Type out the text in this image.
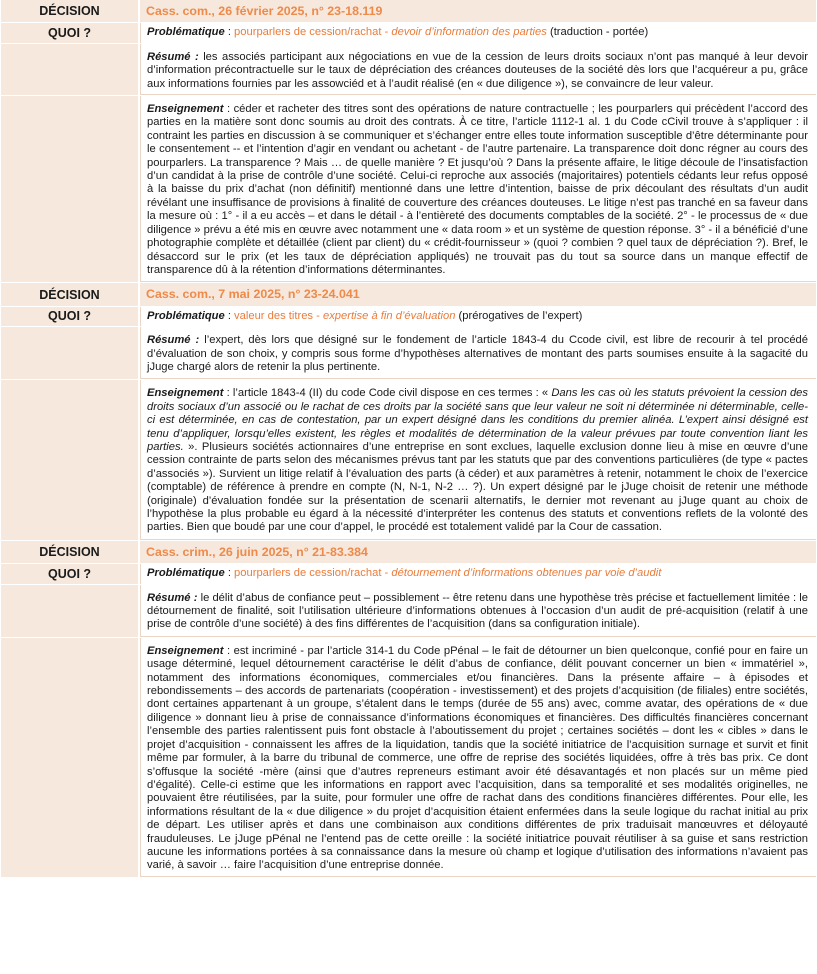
DÉCISION	Cass. com., 26 février 2025, n° 23-18.119
QUOI ?	Problématique : pourparlers de cession/rachat - devoir d’information des parties (traduction - portée)
Résumé : les associés participant aux négociations en vue de la cession de leurs droits sociaux n’ont pas manqué à leur devoir d’information précontractuelle sur le taux de dépréciation des créances douteuses de la société dès lors que l’acquéreur a pu, grâce aux informations fournies par les assowciéd et à l’audit réalisé (en « due diligence »), se convaincre de leur valeur.
Enseignement : céder et racheter des titres sont des opérations de nature contractuelle ; les pourparlers qui précèdent l’accord des parties en la matière sont donc soumis au droit des contrats. À ce titre, l’article 1112-1 al. 1 du Code cCivil trouve à s’appliquer : il contraint les parties en discussion à se communiquer et s’échanger entre elles toute information susceptible d’être déterminante pour le consentement -- et l’intention d’agir en vendant ou achetant - de l’autre partenaire. La transparence doit donc régner au cours des pourparlers. La transparence ? Mais … de quelle manière ? Et jusqu’où ? Dans la présente affaire, le litige découle de l’insatisfaction d’un candidat à la prise de contrôle d’une société. Celui-ci reproche aux associés (majoritaires) potentiels cédants leur refus opposé à la baisse du prix d’achat (non définitif) mentionné dans une lettre d’intention, baisse de prix découlant des résultats d’un audit révélant une insuffisance de provisions à finalité de couverture des créances douteuses. Le litige n’est pas tranché en sa faveur dans la mesure où : 1° - il a eu accès – et dans le détail - à l’entièreté des documents comptables de la société. 2° - le processus de « due diligence » prévu a été mis en œuvre avec notamment une « data room » et un système de question réponse. 3° - il a bénéficié d’une photographie complète et détaillée (client par client) du « crédit-fournisseur » (quoi ? combien ? quel taux de dépréciation ?). Bref, le désaccord sur le prix (et les taux de dépréciation appliqués) ne trouvait pas du tout sa source dans un manque effectif de transparence dû à la rétention d’informations déterminantes.
DÉCISION	Cass. com., 7 mai 2025, n° 23-24.041
QUOI ?	Problématique : valeur des titres - expertise à fin d’évaluation (prérogatives de l’expert)
Résumé : l’expert, dès lors que désigné sur le fondement de l’article 1843-4 du Ccode civil, est libre de recourir à tel procédé d’évaluation de son choix, y compris sous forme d’hypothèses alternatives de montant des parts soumises ensuite à la sagacité du jJuge chargé alors de retenir la plus pertinente.
Enseignement : l’article 1843-4 (II) du code Code civil dispose en ces termes : « Dans les cas où les statuts prévoient la cession des droits sociaux d’un associé ou le rachat de ces droits par la société sans que leur valeur ne soit ni déterminée ni déterminable, celle-ci est déterminée, en cas de contestation, par un expert désigné dans les conditions du premier alinéa. L’expert ainsi désigné est tenu d’appliquer, lorsqu’elles existent, les règles et modalités de détermination de la valeur prévues par toute convention liant les parties. ». Plusieurs sociétés actionnaires d’une entreprise en sont exclues, laquelle exclusion donne lieu à mise en œuvre d’une cession contrainte de parts selon des mécanismes prévus tant par les statuts que par des conventions particulières (de type « pactes d’associés »). Survient un litige relatif à l’évaluation des parts (à céder) et aux paramètres à retenir, notamment le choix de l’exercice (comptable) de référence à prendre en compte (N, N-1, N-2 … ?). Un expert désigné par le jJuge choisit de retenir une méthode (originale) d’évaluation fondée sur la présentation de scenarii alternatifs, le dernier mot revenant au jJuge quant au choix de l’hypothèse la plus probable eu égard à la nécessité d’interpréter les contenus des statuts et conventions reflets de la volonté des parties. Bien que boudé par une cour d’appel, le procédé est totalement validé par la Cour de cassation.
DÉCISION	Cass. crim., 26 juin 2025, n° 21-83.384
QUOI ?	Problématique : pourparlers de cession/rachat - détournement d’informations obtenues par voie d’audit
Résumé : le délit d’abus de confiance peut – possiblement -- être retenu dans une hypothèse très précise et factuellement limitée : le détournement de finalité, soit l’utilisation ultérieure d’informations obtenues à l’occasion d’un audit de pré-acquisition (relatif à une prise de contrôle d’une société) à des fins différentes de l’acquisition (dans sa configuration initiale).
Enseignement : est incriminé - par l’article 314-1 du Code pPénal – le fait de détourner un bien quelconque, confié pour en faire un usage déterminé, lequel détournement caractérise le délit d’abus de confiance, délit pouvant concerner un bien « immatériel », notamment des informations économiques, commerciales et/ou financières. Dans la présente affaire – à épisodes et rebondissements – des accords de partenariats (coopération - investissement) et des projets d’acquisition (de filiales) entre sociétés, dont certaines appartenant à un groupe, s’étalent dans le temps (durée de 55 ans) avec, comme avatar, des opérations de « due diligence » donnant lieu à prise de connaissance d’informations économiques et financières. Des difficultés financières concernant l’ensemble des parties ralentissent puis font obstacle à l’aboutissement du projet ; certaines sociétés – dont les « cibles » dans le projet d’acquisition - connaissent les affres de la liquidation, tandis que la société initiatrice de l’acquisition surnage et survit et finit même par formuler, à la barre du tribunal de commerce, une offre de reprise des sociétés liquidées, offre à très bas prix. Ce dont s’offusque la société -mère (ainsi que d’autres repreneurs estimant avoir été désavantagés et non placés sur un même pied d’égalité). Celle-ci estime que les informations en rapport avec l’acquisition, dans sa temporalité et ses modalités originelles, ne pouvaient être réutilisées, par la suite, pour formuler une offre de rachat dans des conditions financières différentes. Pour elle, les informations résultant de la « due diligence » du projet d’acquisition étaient enfermées dans la seule logique du rachat initial au prix de départ. Les utiliser après et dans une combinaison aux conditions différentes de prix traduisait manœuvres et déloyauté frauduleuses. Le jJuge pPénal ne l’entend pas de cette oreille : la société initiatrice pouvait réutiliser à sa guise et sans restriction aucune les informations portées à sa connaissance dans la mesure où champ et logique d’utilisation des informations n’avaient pas varié, à savoir … faire l’acquisition d’une entreprise donnée.
